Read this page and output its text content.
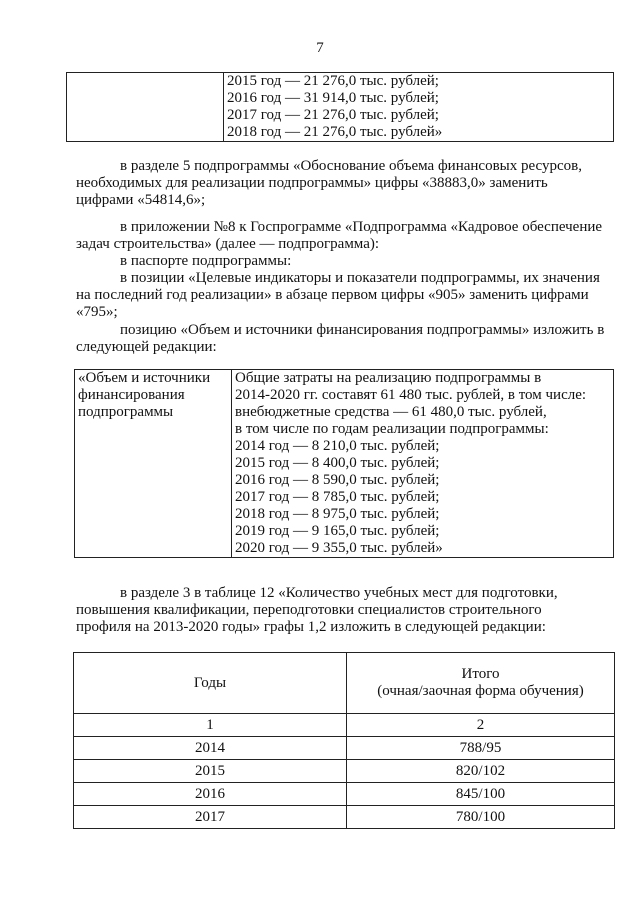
7

2015 год — 21 276,0 тыс. рублей;
2016 год — 31 914,0 тыс. рублей;
2017 год — 21 276,0 тыс. рублей;
2018 год — 21 276,0 тыс. рублей»
в разделе 5 подпрограммы «Обоснование объема финансовых ресурсов,
необходимых для реализации подпрограммы» цифры «38883,0» заменить
цифрами «54814,6»;
в приложении №8 к Госпрограмме «Подпрограмма «Кадровое обеспечение
задач строительства» (далее — подпрограмма):
в паспорте подпрограммы:
в позиции «Целевые индикаторы и показатели подпрограммы, их значения
на последний год реализации» в абзаце первом цифры «905» заменить цифрами
«795»;
позицию «Объем и источники финансирования подпрограммы» изложить в
следующей редакции:
«Объем и источники
финансирования
подпрограммы

Общие затраты на реализацию подпрограммы в
2014-2020 гг. составят 61 480 тыс. рублей, в том числе:
внебюджетные средства — 61 480,0 тыс. рублей,
в том числе по годам реализации подпрограммы:
2014 год — 8 210,0 тыс. рублей;
2015 год — 8 400,0 тыс. рублей;
2016 год — 8 590,0 тыс. рублей;
2017 год — 8 785,0 тыс. рублей;
2018 год — 8 975,0 тыс. рублей;
2019 год — 9 165,0 тыс. рублей;
2020 год — 9 355,0 тыс. рублей»
в разделе 3 в таблице 12 «Количество учебных мест для подготовки,
повышения квалификации, переподготовки специалистов строительного
профиля на 2013-2020 годы» графы 1,2 изложить в следующей редакции:
Годы	Итого
(очная/заочная форма обучения)

1	2
2014	788/95
2015	820/102
2016	845/100
2017	780/100
